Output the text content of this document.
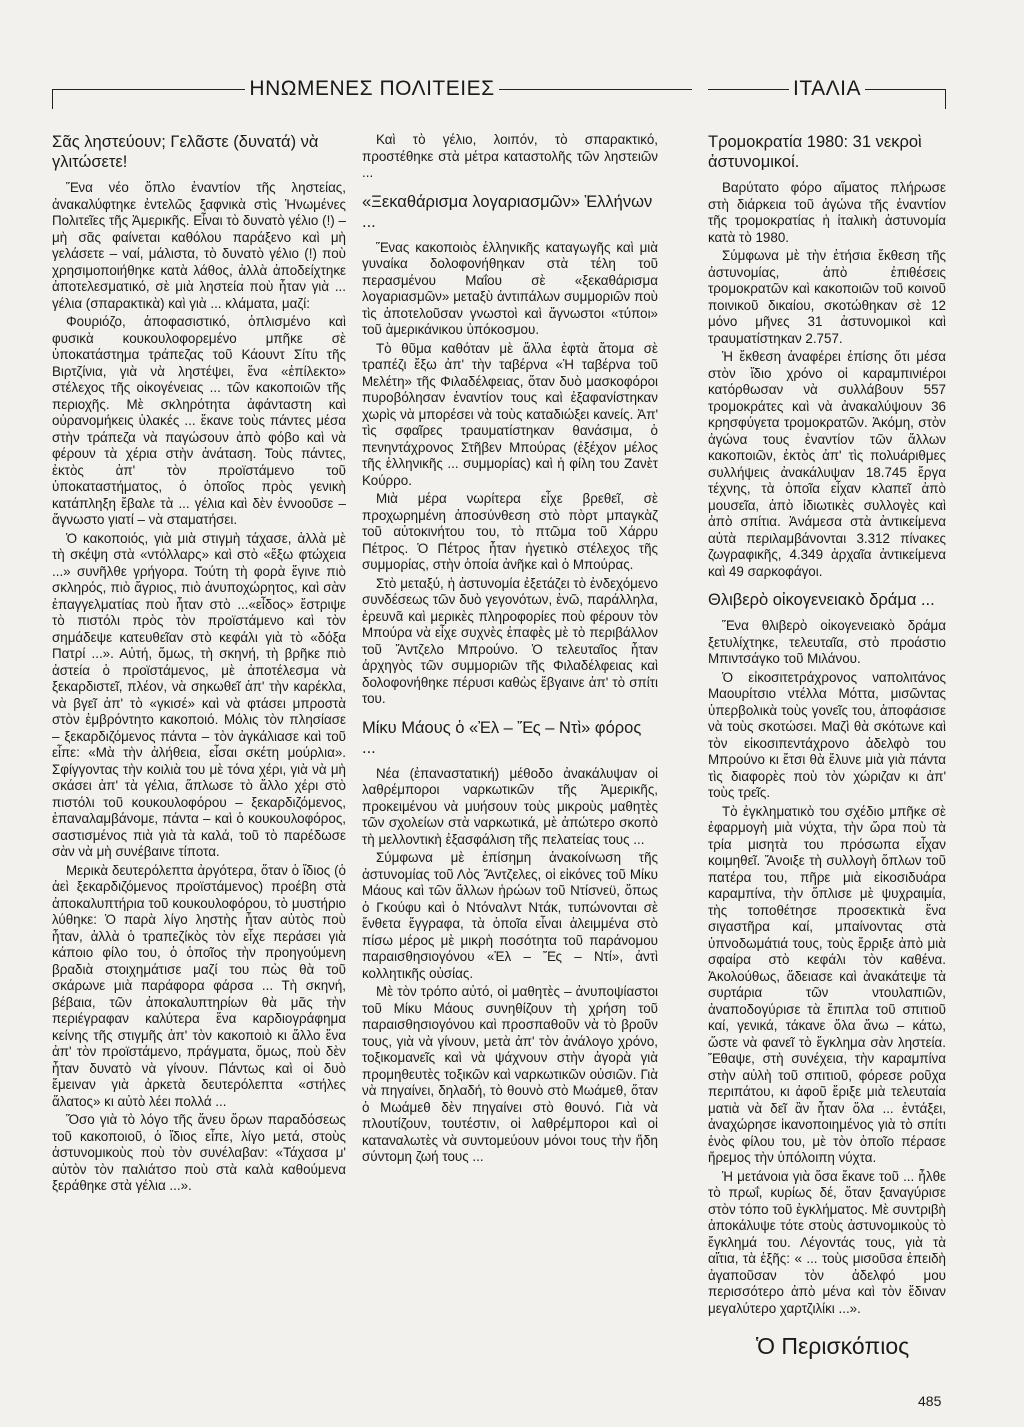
ΗΝΩΜΕΝΕΣ ΠΟΛΙΤΕΙΕΣ	ΙΤΑΛΙΑ
Σᾶς ληστεύουν; Γελᾶστε (δυνατά) νὰ γλιτώσετε!

Ἕνα νέο ὅπλο ἐναντίον τῆς ληστείας, ἀνακαλύφτηκε ἐντελῶς ξαφνικὰ στὶς Ἡνωμένες Πολιτεῖες τῆς Ἀμερικῆς. Εἶναι τὸ δυνατὸ γέλιο (!) – μὴ σᾶς φαίνεται καθόλου παράξενο καὶ μὴ γελάσετε – ναί, μάλιστα, τὸ δυνατὸ γέλιο (!) ποὺ χρησιμοποιήθηκε κατὰ λάθος, ἀλλὰ ἀποδείχτηκε ἀποτελεσματικό, σὲ μιὰ ληστεία ποὺ ἦταν γιὰ ... γέλια (σπαρακτικὰ) καὶ γιὰ ... κλάματα, μαζί:

Φουριόζο, ἀποφασιστικό, ὁπλισμένο καὶ φυσικὰ κουκουλοφορεμένο μπῆκε σὲ ὑποκατάστημα τράπεζας τοῦ Κάουντ Σίτυ τῆς Βιρτζίνια, γιὰ νὰ ληστέψει, ἕνα «ἐπίλεκτο» στέλεχος τῆς οἰκογένειας ... τῶν κακοποιῶν τῆς περιοχῆς. Μὲ σκληρότητα ἀφάνταστη καὶ οὐρανομήκεις ὑλακές ... ἔκανε τοὺς πάντες μέσα στὴν τράπεζα νὰ παγώσουν ἀπὸ φόβο καὶ νὰ φέρουν τὰ χέρια στὴν ἀνάταση. Τοὺς πάντες, ἐκτὸς ἀπ' τὸν προϊστάμενο τοῦ ὑποκαταστήματος, ὁ ὁποῖος πρὸς γενικὴ κατάπληξη ἔβαλε τὰ ... γέλια καὶ δὲν ἐννοοῦσε – ἄγνωστο γιατί – νὰ σταματήσει.

Ὁ κακοποιός, γιὰ μιὰ στιγμὴ τάχασε, ἀλλὰ μὲ τὴ σκέψη στὰ «ντόλλαρς» καὶ στὸ «ἔξω φτώχεια ...» συνῆλθε γρήγορα. Τούτη τὴ φορὰ ἔγινε πιὸ σκληρός, πιὸ ἄγριος, πιὸ ἀνυποχώρητος, καὶ σὰν ἐπαγγελματίας ποὺ ἦταν στὸ ...«εἶδος» ἔστριψε τὸ πιστόλι πρὸς τὸν προϊστάμενο καὶ τὸν σημάδεψε κατευθεῖαν στὸ κεφάλι γιὰ τὸ «δόξα Πατρί ...». Αὐτή, ὅμως, τὴ σκηνή, τὴ βρῆκε πιὸ ἀστεία ὁ προϊστάμενος, μὲ ἀποτέλεσμα νὰ ξεκαρδιστεῖ, πλέον, νὰ σηκωθεῖ ἀπ' τὴν καρέκλα, νὰ βγεῖ ἀπ' τὸ «γκισέ» καὶ νὰ φτάσει μπροστὰ στὸν ἐμβρόντητο κακοποιό. Μόλις τὸν πλησίασε – ξεκαρδιζόμενος πάντα – τὸν ἀγκάλιασε καὶ τοῦ εἶπε: «Μὰ τὴν ἀλήθεια, εἶσαι σκέτη μούρλια». Σφίγγοντας τὴν κοιλιὰ του μὲ τόνα χέρι, γιὰ νὰ μὴ σκάσει ἀπ' τὰ γέλια, ἅπλωσε τὸ ἄλλο χέρι στὸ πιστόλι τοῦ κουκουλοφόρου – ξεκαρδιζόμενος, ἐπαναλαμβάνομε, πάντα – καὶ ὁ κουκουλοφόρος, σαστισμένος πιὰ γιὰ τὰ καλά, τοῦ τὸ παρέδωσε σὰν νὰ μὴ συνέβαινε τίποτα.

Μερικὰ δευτερόλεπτα ἀργότερα, ὅταν ὁ ἴδιος (ὁ ἀεὶ ξεκαρδιζόμενος προϊστάμενος) προέβη στὰ ἀποκαλυπτήρια τοῦ κουκουλοφόρου, τὸ μυστήριο λύθηκε: Ὁ παρὰ λίγο ληστὴς ἦταν αὐτὸς ποὺ ἦταν, ἀλλὰ ὁ τραπεζίκὸς τὸν εἶχε περάσει γιὰ κάποιο φίλο του, ὁ ὁποῖος τὴν προηγούμενη βραδιὰ στοιχημάτισε μαζί του πὼς θὰ τοῦ σκάρωνε μιὰ παράφορα φάρσα ... Τὴ σκηνή, βέβαια, τῶν ἀποκαλυπτηρίων θὰ μᾶς τὴν περιέγραφαν καλύτερα ἕνα καρδιογράφημα κείνης τῆς στιγμῆς ἀπ' τὸν κακοποιὸ κι ἄλλο ἕνα ἀπ' τὸν προϊστάμενο, πράγματα, ὅμως, ποὺ δὲν ἦταν δυνατὸ νὰ γίνουν. Πάντως καὶ οἱ δυὸ ἔμειναν γιὰ ἀρκετὰ δευτερόλεπτα «στήλες ἅλατος» κι αὐτὸ λέει πολλά ...

Ὅσο γιὰ τὸ λόγο τῆς ἄνευ ὅρων παραδόσεως τοῦ κακοποιοῦ, ὁ ἴδιος εἶπε, λίγο μετά, στοὺς ἀστυνομικοὺς ποὺ τὸν συνέλαβαν: «Τάχασα μ' αὐτὸν τὸν παλιάτσο ποὺ στὰ καλὰ καθούμενα ξεράθηκε στὰ γέλια ...».

Καὶ τὸ γέλιο, λοιπόν, τὸ σπαρακτικό, προστέθηκε στὰ μέτρα καταστολῆς τῶν ληστειῶν ...

«Ξεκαθάρισμα λογαριασμῶν» Ἑλλήνων ...

Ἕνας κακοποιὸς ἑλληνικῆς καταγωγῆς καὶ μιὰ γυναίκα δολοφονήθηκαν στὰ τέλη τοῦ περασμένου Μαΐου σὲ «ξεκαθάρισμα λογαριασμῶν» μεταξὺ ἀντιπάλων συμμοριῶν ποὺ τὶς ἀποτελοῦσαν γνωστοὶ καὶ ἄγνωστοι «τύποι» τοῦ ἀμερικάνικου ὑπόκοσμου.

Τὸ θῦμα καθόταν μὲ ἄλλα ἑφτὰ ἄτομα σὲ τραπέζι ἔξω ἀπ' τὴν ταβέρνα «Ἡ ταβέρνα τοῦ Μελέτη» τῆς Φιλαδέλφειας, ὅταν δυὸ μασκοφόροι πυροβόλησαν ἐναντίον τους καὶ ἐξαφανίστηκαν χωρὶς νὰ μπορέσει νὰ τοὺς καταδιώξει κανείς. Ἀπ' τὶς σφαῖρες τραυματίστηκαν θανάσιμα, ὁ πενηντάχρονος Στῆβεν Μπούρας (ἐξέχον μέλος τῆς ἑλληνικῆς ... συμμορίας) καὶ ἡ φίλη του Ζανὲτ Κούρρο.

Μιὰ μέρα νωρίτερα εἶχε βρεθεῖ, σὲ προχωρημένη ἀποσύνθεση στὸ πὸρτ μπαγκὰζ τοῦ αὐτοκινήτου του, τὸ πτῶμα τοῦ Χάρρυ Πέτρος. Ὁ Πέτρος ἦταν ἡγετικὸ στέλεχος τῆς συμμορίας, στὴν ὁποία ἀνῆκε καὶ ὁ Μπούρας.

Στὸ μεταξύ, ἡ ἀστυνομία ἐξετάζει τὸ ἐνδεχόμενο συνδέσεως τῶν δυὸ γεγονότων, ἐνῶ, παράλληλα, ἐρευνᾶ καὶ μερικὲς πληροφορίες ποὺ φέρουν τὸν Μπούρα νὰ εἶχε συχνὲς ἐπαφὲς μὲ τὸ περιβάλλον τοῦ Ἄντζελο Μπρούνο. Ὁ τελευταῖος ἦταν ἀρχηγὸς τῶν συμμοριῶν τῆς Φιλαδέλφειας καὶ δολοφονήθηκε πέρυσι καθὼς ἔβγαινε ἀπ' τὸ σπίτι του.

Μίκυ Μάους ὁ «Ἐλ – Ἔς – Ντὶ» φόρος ...

Νέα (ἐπαναστατική) μέθοδο ἀνακάλυψαν οἱ λαθρέμποροι ναρκωτικῶν τῆς Ἀμερικῆς, προκειμένου νὰ μυήσουν τοὺς μικροὺς μαθητὲς τῶν σχολείων στὰ ναρκωτικά, μὲ ἀπώτερο σκοπὸ τὴ μελλοντικὴ ἐξασφάλιση τῆς πελατείας τους ...

Σύμφωνα μὲ ἐπίσημη ἀνακοίνωση τῆς ἀστυνομίας τοῦ Λὸς Ἄντζελες, οἱ εἰκόνες τοῦ Μίκυ Μάους καὶ τῶν ἄλλων ἡρώων τοῦ Ντίσνεϋ, ὅπως ὁ Γκούφυ καὶ ὁ Ντόναλντ Ντάκ, τυπώνονται σὲ ἔνθετα ἔγγραφα, τὰ ὁποῖα εἶναι ἀλειμμένα στὸ πίσω μέρος μὲ μικρὴ ποσότητα τοῦ παράνομου παραισθησιογόνου «Ἐλ – Ἔς – Ντί», ἀντὶ κολλητικῆς οὐσίας.

Μὲ τὸν τρόπο αὐτό, οἱ μαθητὲς – ἀνυποψίαστοι τοῦ Μίκυ Μάους συνηθίζουν τὴ χρήση τοῦ παραισθησιογόνου καὶ προσπαθοῦν νὰ τὸ βροῦν τους, γιὰ νὰ γίνουν, μετὰ ἀπ' τὸν ἀνάλογο χρόνο, τοξικομανεῖς καὶ νὰ ψάχνουν στὴν ἀγορὰ γιὰ προμηθευτὲς τοξικῶν καὶ ναρκωτικῶν οὐσιῶν. Γιὰ νὰ πηγαίνει, δηλαδή, τὸ θουνὸ στὸ Μωάμεθ, ὅταν ὁ Μωάμεθ δὲν πηγαίνει στὸ θουνό. Γιὰ νὰ πλουτίζουν, τουτέστιν, οἱ λαθρέμποροι καὶ οἱ καταναλωτὲς νὰ συντομεύουν μόνοι τους τὴν ἤδη σύντομη ζωή τους ...

Τρομοκρατία 1980: 31 νεκροὶ ἀστυνομικοί.

Βαρύτατο φόρο αἵματος πλήρωσε στὴ διάρκεια τοῦ ἀγώνα τῆς ἐναντίον τῆς τρομοκρατίας ἡ ἰταλικὴ ἀστυνομία κατὰ τὸ 1980.

Σύμφωνα μὲ τὴν ἐτήσια ἔκθεση τῆς ἀστυνομίας, ἀπὸ ἐπιθέσεις τρομοκρατῶν καὶ κακοποιῶν τοῦ κοινοῦ ποινικοῦ δικαίου, σκοτώθηκαν σὲ 12 μόνο μῆνες 31 ἀστυνομικοὶ καὶ τραυματίστηκαν 2.757.

Ἡ ἔκθεση ἀναφέρει ἐπίσης ὅτι μέσα στὸν ἴδιο χρόνο οἱ καραμπινιέροι κατόρθωσαν νὰ συλλάβουν 557 τρομοκράτες καὶ νὰ ἀνακαλύψουν 36 κρησφύγετα τρομοκρατῶν. Ἀκόμη, στὸν ἀγώνα τους ἐναντίον τῶν ἄλλων κακοποιῶν, ἐκτὸς ἀπ' τὶς πολυάριθμες συλλήψεις ἀνακάλυψαν 18.745 ἔργα τέχνης, τὰ ὁποῖα εἶχαν κλαπεῖ ἀπὸ μουσεῖα, ἀπὸ ἰδιωτικὲς συλλογὲς καὶ ἀπὸ σπίτια. Ἀνάμεσα στὰ ἀντικείμενα αὐτὰ περιλαμβάνονται 3.312 πίνακες ζωγραφικῆς, 4.349 ἀρχαῖα ἀντικείμενα καὶ 49 σαρκοφάγοι.

Θλιβερὸ οἰκογενειακὸ δράμα ...

Ἕνα θλιβερὸ οἰκογενειακὸ δράμα ξετυλίχτηκε, τελευταῖα, στὸ προάστιο Μπιντσάγκο τοῦ Μιλάνου.

Ὁ εἰκοσιτετράχρονος ναπολιτάνος Μαουρίτσιο ντέλλα Μόττα, μισῶντας ὑπερβολικὰ τοὺς γονεῖς του, ἀποφάσισε νὰ τοὺς σκοτώσει. Μαζὶ θὰ σκότωνε καὶ τὸν εἰκοσιπεντάχρονο ἀδελφὸ του Μπρούνο κι ἔτσι θὰ ἔλυνε μιὰ γιὰ πάντα τὶς διαφορὲς ποὺ τὸν χώριζαν κι ἀπ' τοὺς τρεῖς.

Τὸ ἐγκληματικὸ του σχέδιο μπῆκε σὲ ἐφαρμογὴ μιὰ νύχτα, τὴν ὥρα ποὺ τὰ τρία μισητὰ του πρόσωπα εἶχαν κοιμηθεῖ. Ἄνοιξε τὴ συλλογὴ ὅπλων τοῦ πατέρα του, πῆρε μιὰ εἰκοσιδυάρα καραμπίνα, τὴν ὅπλισε μὲ ψυχραιμία, τὴς τοποθέτησε προσεκτικὰ ἕνα σιγαστῆρα καί, μπαίνοντας στὰ ὑπνοδωμάτιά τους, τοὺς ἔρριξε ἀπὸ μιὰ σφαίρα στὸ κεφάλι τὸν καθένα. Ἀκολούθως, ἄδειασε καὶ ἀνακάτεψε τὰ συρτάρια τῶν ντουλαπιῶν, ἀναποδογύρισε τὰ ἔπιπλα τοῦ σπιτιοῦ καί, γενικά, τάκανε ὅλα ἄνω – κάτω, ὥστε νὰ φανεῖ τὸ ἔγκλημα σὰν ληστεία. Ἔθαψε, στὴ συνέχεια, τὴν καραμπίνα στὴν αὐλὴ τοῦ σπιτιοῦ, φόρεσε ροῦχα περιπάτου, κι ἀφοῦ ἔριξε μιὰ τελευταία ματιὰ νὰ δεῖ ἂν ἦταν ὅλα ... ἐντάξει, ἀναχώρησε ἱκανοποιημένος γιὰ τὸ σπίτι ἑνὸς φίλου του, μὲ τὸν ὁποῖο πέρασε ἤρεμος τὴν ὑπόλοιπη νύχτα.

Ἡ μετάνοια γιὰ ὅσα ἔκανε τοῦ ... ἦλθε τὸ πρωΐ, κυρίως δέ, ὅταν ξαναγύρισε στὸν τόπο τοῦ ἐγκλήματος. Μὲ συντριβὴ ἀποκάλυψε τότε στοὺς ἀστυνομικοὺς τὸ ἔγκλημά του. Λέγοντάς τους, γιὰ τὰ αἴτια, τὰ ἑξῆς: « ... τοὺς μισοῦσα ἐπειδὴ ἀγαποῦσαν τὸν ἀδελφό μου περισσότερο ἀπὸ μένα καὶ τὸν ἔδιναν μεγαλύτερο χαρτζιλίκι ...».

Ὁ Περισκόπιος
485
